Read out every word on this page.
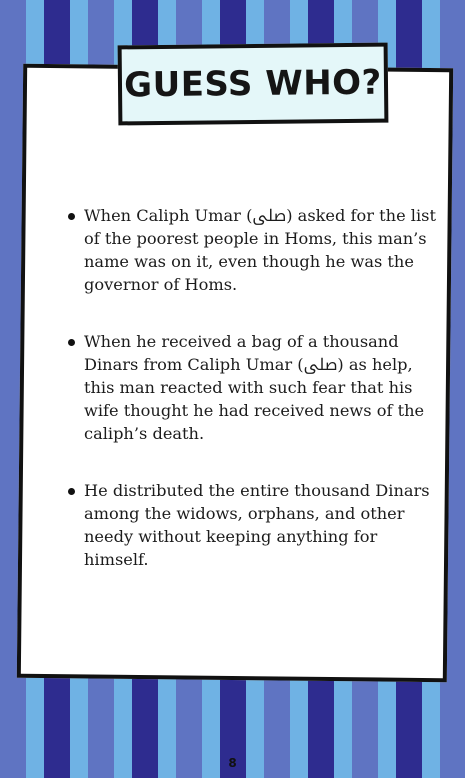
GUESS WHO?
When Caliph Umar (ﷹ) asked for the list of the poorest people in Homs, this man’s name was on it, even though he was the governor of Homs.
When he received a bag of a thousand Dinars from Caliph Umar (ﷹ) as help, this man reacted with such fear that his wife thought he had received news of the caliph’s death.
He distributed the entire thousand Dinars among the widows, orphans, and other needy without keeping anything for himself.
8
